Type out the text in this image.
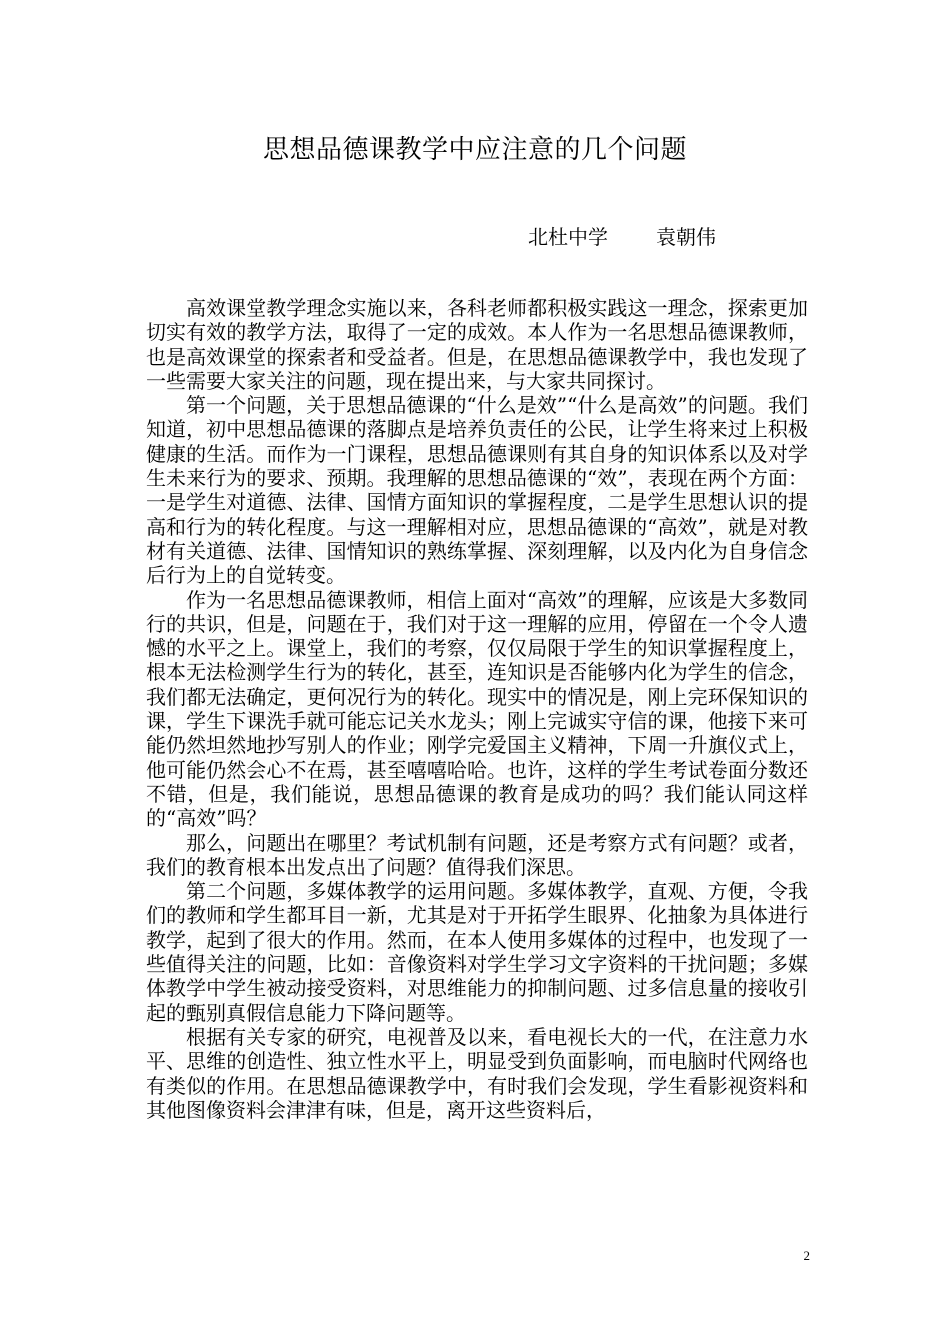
思想品德课教学中应注意的几个问题
北杜中学 袁朝伟

高效课堂教学理念实施以来，各科老师都积极实践这一理念，探索更加切实有效的教学方法，取得了一定的成效。本人作为一名思想品德课教师，也是高效课堂的探索者和受益者。但是，在思想品德课教学中，我也发现了一些需要大家关注的问题，现在提出来，与大家共同探讨。

第一个问题，关于思想品德课的“什么是效”“什么是高效”的问题。我们知道，初中思想品德课的落脚点是培养负责任的公民，让学生将来过上积极健康的生活。而作为一门课程，思想品德课则有其自身的知识体系以及对学生未来行为的要求、预期。我理解的思想品德课的“效”，表现在两个方面：一是学生对道德、法律、国情方面知识的掌握程度，二是学生思想认识的提高和行为的转化程度。与这一理解相对应，思想品德课的“高效”，就是对教材有关道德、法律、国情知识的熟练掌握、深刻理解，以及内化为自身信念后行为上的自觉转变。

作为一名思想品德课教师，相信上面对“高效”的理解，应该是大多数同行的共识，但是，问题在于，我们对于这一理解的应用，停留在一个令人遗憾的水平之上。课堂上，我们的考察，仅仅局限于学生的知识掌握程度上，根本无法检测学生行为的转化，甚至，连知识是否能够内化为学生的信念，我们都无法确定，更何况行为的转化。现实中的情况是，刚上完环保知识的课，学生下课洗手就可能忘记关水龙头；刚上完诚实守信的课，他接下来可能仍然坦然地抄写别人的作业；刚学完爱国主义精神，下周一升旗仪式上，他可能仍然会心不在焉，甚至嘻嘻哈哈。也许，这样的学生考试卷面分数还不错，但是，我们能说，思想品德课的教育是成功的吗？我们能认同这样的“高效”吗？

那么，问题出在哪里？考试机制有问题，还是考察方式有问题？或者，我们的教育根本出发点出了问题？值得我们深思。

第二个问题，多媒体教学的运用问题。多媒体教学，直观、方便，令我们的教师和学生都耳目一新，尤其是对于开拓学生眼界、化抽象为具体进行教学，起到了很大的作用。然而，在本人使用多媒体的过程中，也发现了一些值得关注的问题，比如：音像资料对学生学习文字资料的干扰问题；多媒体教学中学生被动接受资料，对思维能力的抑制问题、过多信息量的接收引起的甄别真假信息能力下降问题等。

根据有关专家的研究，电视普及以来，看电视长大的一代，在注意力水平、思维的创造性、独立性水平上，明显受到负面影响，而电脑时代网络也有类似的作用。在思想品德课教学中，有时我们会发现，学生看影视资料和其他图像资料会津津有味，但是，离开这些资料后，

2
